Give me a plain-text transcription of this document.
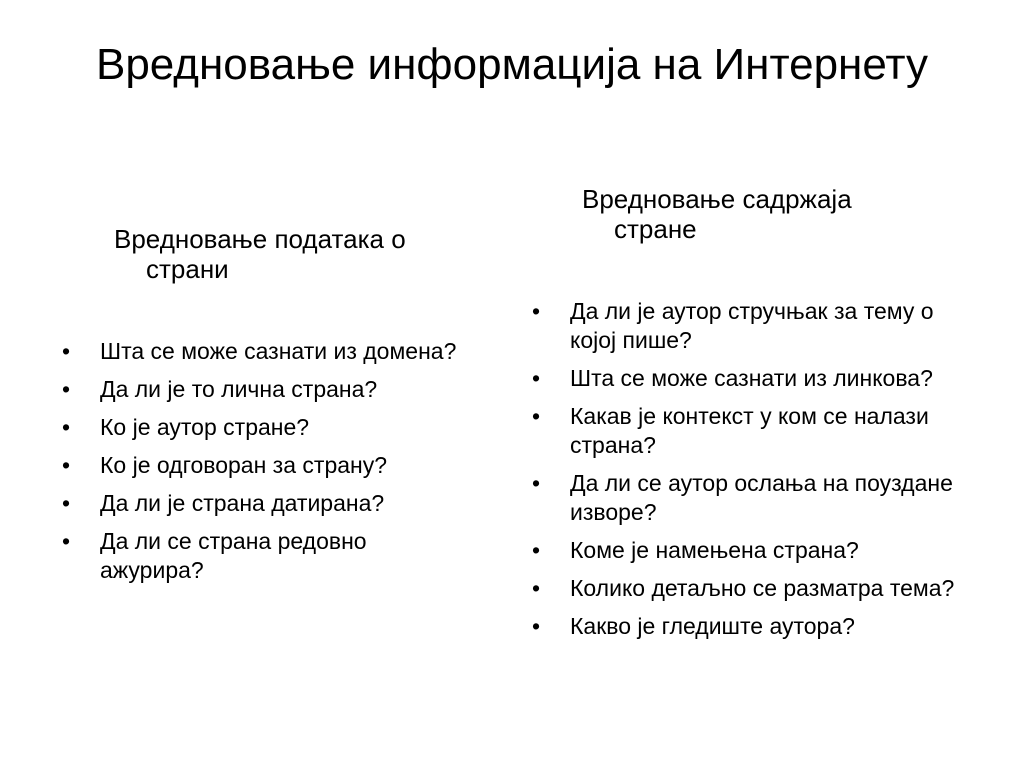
Вредновање информација на Интернету
Вредновање података о страни
•	Шта се може сазнати из домена?
•	Да ли је то лична страна?
•	Ко је аутор стране?
•	Ко је одговоран за страну?
•	Да ли је страна датирана?
•	Да ли се страна редовно ажурира?
Вредновање садржаја стране
•	Да ли је аутор стручњак за тему о којој пише?
•	Шта се може сазнати из линкова?
•	Какав је контекст у ком се налази страна?
•	Да ли се аутор ослања на поуздане изворе?
•	Коме је намењена страна?
•	Колико детаљно се разматра тема?
•	Какво је гледиште аутора?
